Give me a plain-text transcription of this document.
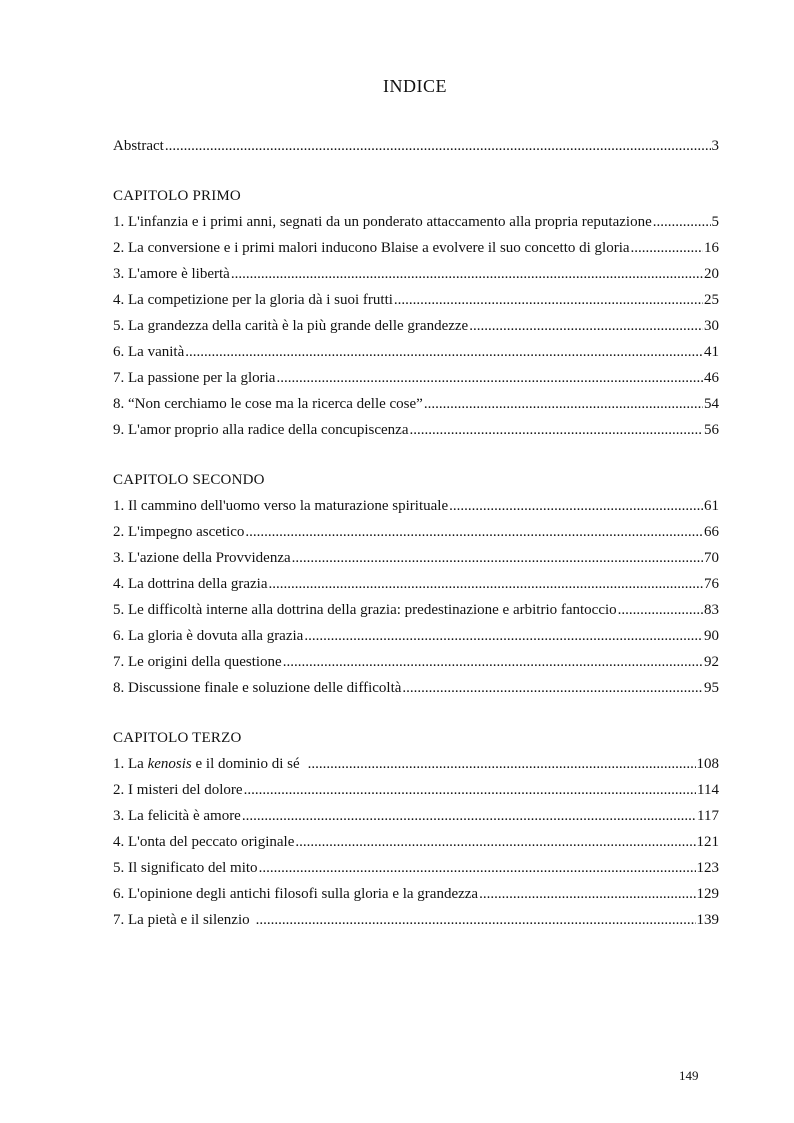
INDICE
Abstract .....	3
CAPITOLO PRIMO
1. L'infanzia e i primi anni, segnati da un ponderato attaccamento alla propria reputazione .....	5
2. La conversione e i primi malori inducono Blaise a evolvere il suo concetto di gloria .....	16
3. L'amore è libertà .....	20
4. La competizione per la gloria dà i suoi frutti .....	25
5. La grandezza della carità è la più grande delle grandezze .....	30
6. La vanità .....	41
7. La passione per la gloria .....	46
8. “Non cerchiamo le cose ma la ricerca delle cose” .....	54
9. L'amor proprio alla radice della concupiscenza .....	56
CAPITOLO SECONDO
1. Il cammino dell'uomo verso la maturazione spirituale .....	61
2. L'impegno ascetico .....	66
3. L'azione della Provvidenza .....	70
4. La dottrina della grazia .....	76
5. Le difficoltà interne alla dottrina della grazia: predestinazione e arbitrio fantoccio .....	83
6. La gloria è dovuta alla grazia .....	90
7. Le origini della questione .....	92
8. Discussione finale e soluzione delle difficoltà .....	95
CAPITOLO TERZO
1. La kenosis e il dominio di sé .....	108
2. I misteri del dolore .....	114
3. La felicità è amore .....	117
4. L'onta del peccato originale .....	121
5. Il significato del mito .....	123
6. L'opinione degli antichi filosofi sulla gloria e la grandezza .....	129
7. La pietà e il silenzio .....	139
149
